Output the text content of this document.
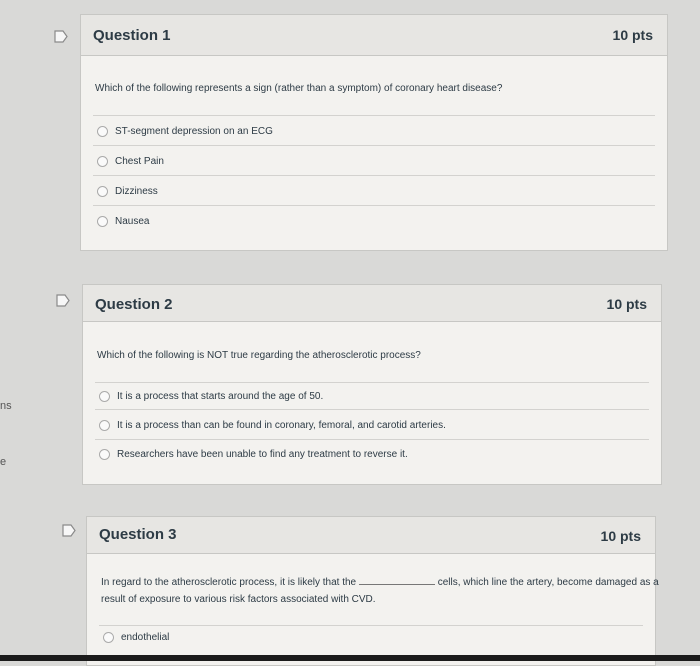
ns
e
Question 1	10 pts
Which of the following represents a sign (rather than a symptom) of coronary heart disease?
ST-segment depression on an ECG
Chest Pain
Dizziness
Nausea
Question 2	10 pts
Which of the following is NOT true regarding the atherosclerotic process?
It is a process that starts around the age of 50.
It is a process than can be found in coronary, femoral, and carotid arteries.
Researchers have been unable to find any treatment to reverse it.
Question 3	10 pts
In regard to the atherosclerotic process, it is likely that the	cells, which line the artery, become damaged as a
result of exposure to various risk factors associated with CVD.
endothelial
